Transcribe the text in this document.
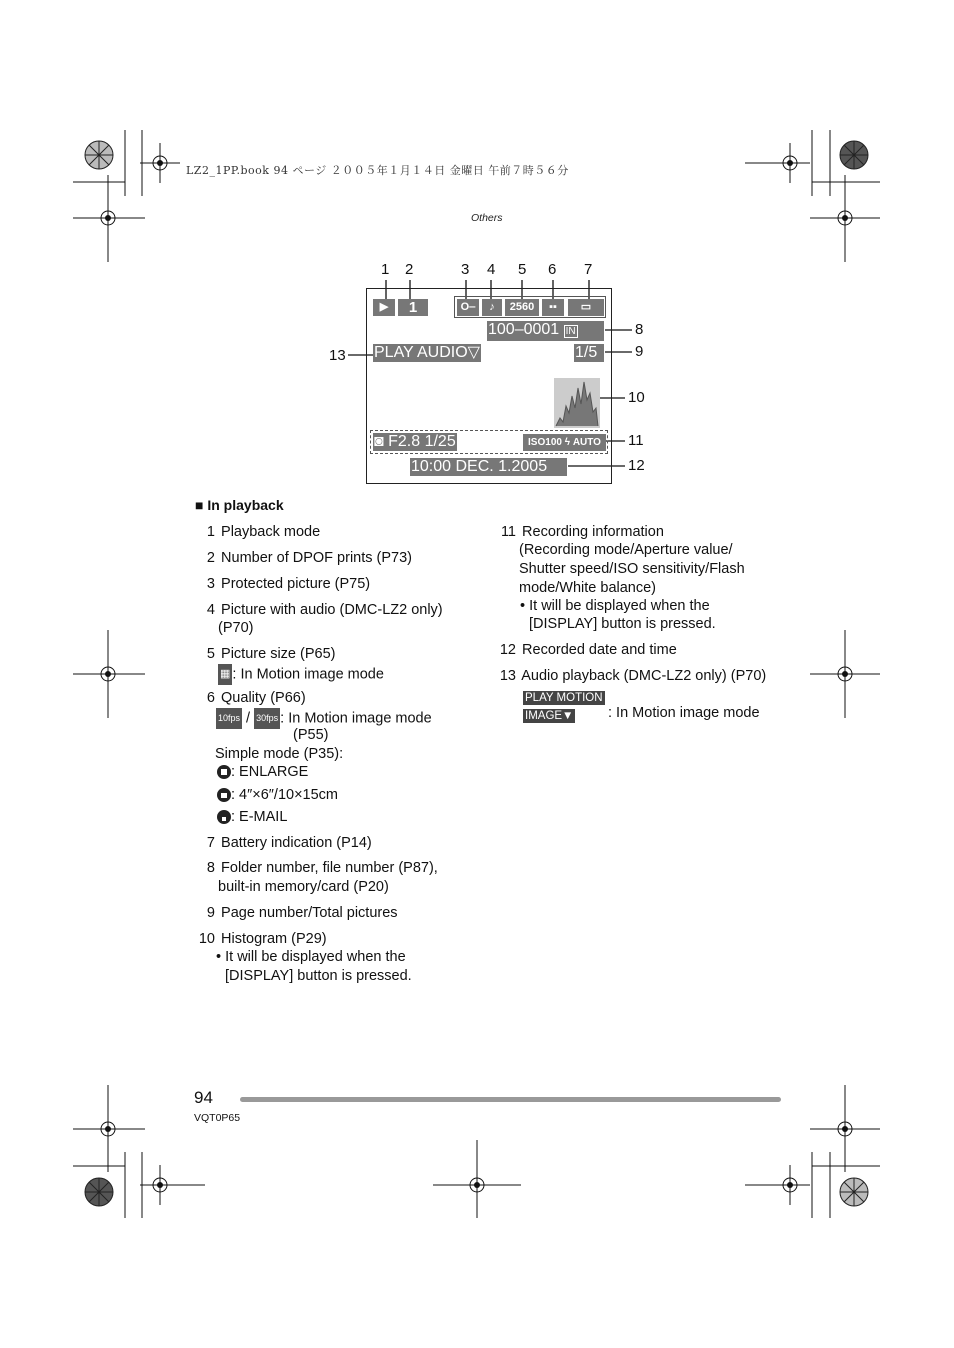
LZ2_1PP.book 94 ページ ２００５年１月１４日 金曜日 午前７時５６分
Others
1 2	3 4 5 6 7
8
9
10
11
12
13
▶	1	O‒	♪	2560	▪▪	▭
100–0001 IN
PLAY AUDIO▽	1/5
◙ F2.8 1/25	ISO100 ϟ AUTO
10:00 DEC. 1.2005
■ In playback
1 Playback mode
2 Number of DPOF prints (P73)
3 Protected picture (P75)
4 Picture with audio (DMC-LZ2 only)
(P70)
5 Picture size (P65)
▦ : In Motion image mode
6 Quality (P66)
10fps / 30fps : In Motion image mode
(P55)
Simple mode (P35):
: ENLARGE
: 4″×6″/10×15cm
: E-MAIL
7 Battery indication (P14)
8 Folder number, file number (P87),
built-in memory/card (P20)
9 Page number/Total pictures
10 Histogram (P29)
• It will be displayed when the
[DISPLAY] button is pressed.
11 Recording information
(Recording mode/Aperture value/
Shutter speed/ISO sensitivity/Flash
mode/White balance)
• It will be displayed when the
[DISPLAY] button is pressed.
12 Recorded date and time
13 Audio playback (DMC-LZ2 only) (P70)
PLAY MOTION
IMAGE▼ : In Motion image mode
94
VQT0P65
